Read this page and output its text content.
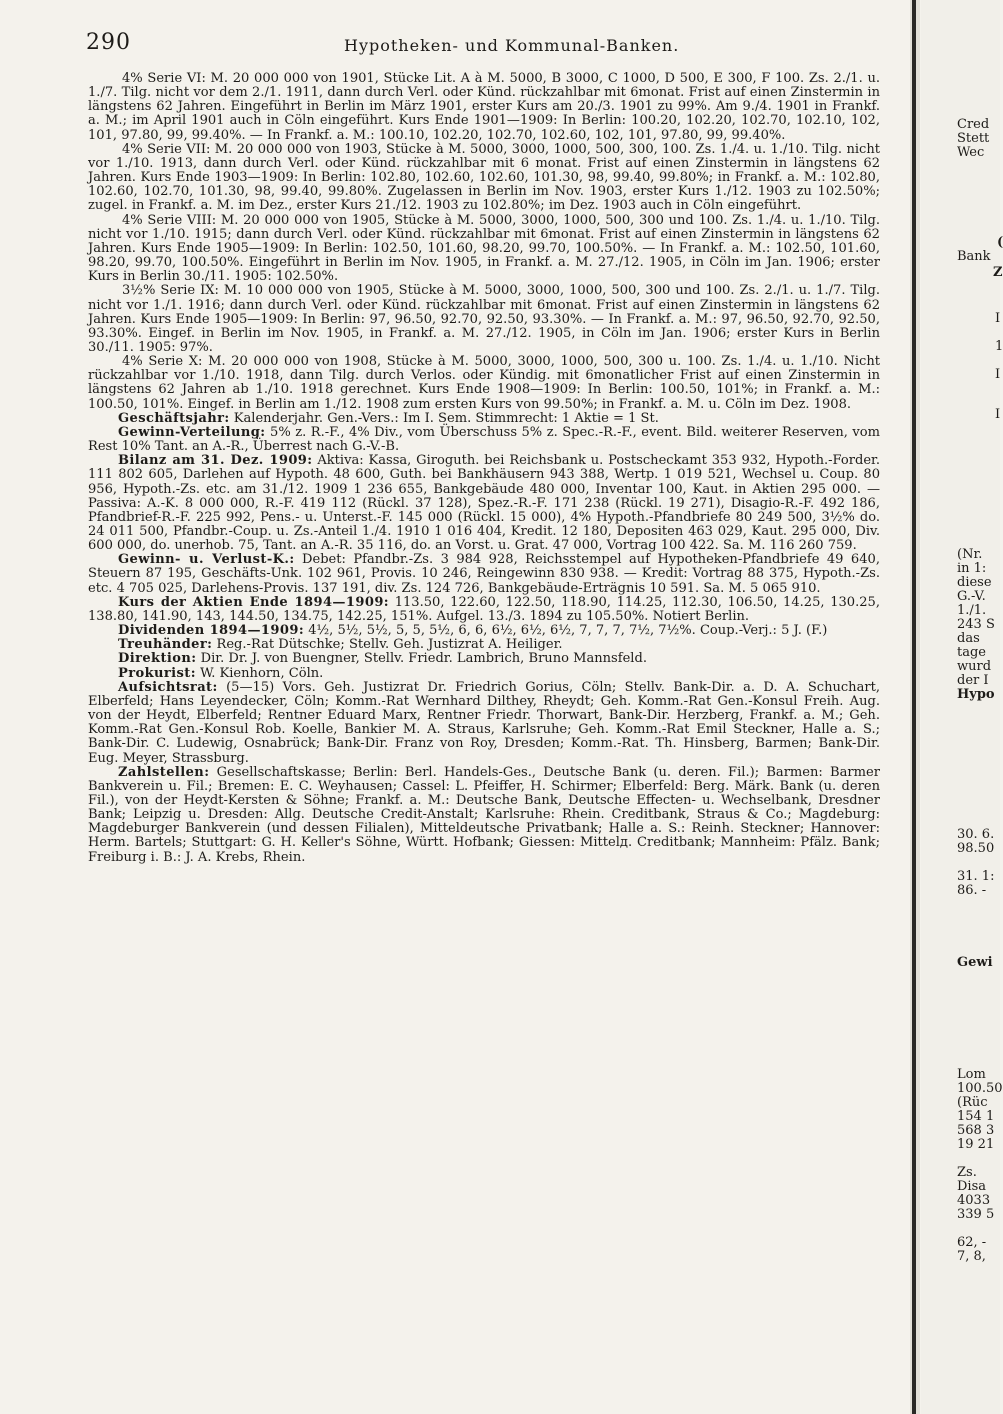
290	Hypotheken- und Kommunal-Banken.

4% Serie VI: M. 20 000 000 von 1901, Stücke Lit. A à M. 5000, B 3000, C 1000, D 500, E 300, F 100. Zs. 2./1. u. 1./7. Tilg. nicht vor dem 2./1. 1911, dann durch Verl. oder Künd. rückzahlbar mit 6monat. Frist auf einen Zinstermin in längstens 62 Jahren. Eingeführt in Berlin im März 1901, erster Kurs am 20./3. 1901 zu 99%. Am 9./4. 1901 in Frankf. a. M.; im April 1901 auch in Cöln eingeführt. Kurs Ende 1901—1909: In Berlin: 100.20, 102.20, 102.70, 102.10, 102, 101, 97.80, 99, 99.40%. — In Frankf. a. M.: 100.10, 102.20, 102.70, 102.60, 102, 101, 97.80, 99, 99.40%.

4% Serie VII: M. 20 000 000 von 1903, Stücke à M. 5000, 3000, 1000, 500, 300, 100. Zs. 1./4. u. 1./10. Tilg. nicht vor 1./10. 1913, dann durch Verl. oder Künd. rückzahlbar mit 6 monat. Frist auf einen Zinstermin in längstens 62 Jahren. Kurs Ende 1903—1909: In Berlin: 102.80, 102.60, 102.60, 101.30, 98, 99.40, 99.80%; in Frankf. a. M.: 102.80, 102.60, 102.70, 101.30, 98, 99.40, 99.80%. Zugelassen in Berlin im Nov. 1903, erster Kurs 1./12. 1903 zu 102.50%; zugel. in Frankf. a. M. im Dez., erster Kurs 21./12. 1903 zu 102.80%; im Dez. 1903 auch in Cöln eingeführt.

4% Serie VIII: M. 20 000 000 von 1905, Stücke à M. 5000, 3000, 1000, 500, 300 und 100. Zs. 1./4. u. 1./10. Tilg. nicht vor 1./10. 1915; dann durch Verl. oder Künd. rückzahlbar mit 6monat. Frist auf einen Zinstermin in längstens 62 Jahren. Kurs Ende 1905—1909: In Berlin: 102.50, 101.60, 98.20, 99.70, 100.50%. — In Frankf. a. M.: 102.50, 101.60, 98.20, 99.70, 100.50%. Eingeführt in Berlin im Nov. 1905, in Frankf. a. M. 27./12. 1905, in Cöln im Jan. 1906; erster Kurs in Berlin 30./11. 1905: 102.50%.

3½% Serie IX: M. 10 000 000 von 1905, Stücke à M. 5000, 3000, 1000, 500, 300 und 100. Zs. 2./1. u. 1./7. Tilg. nicht vor 1./1. 1916; dann durch Verl. oder Künd. rückzahlbar mit 6monat. Frist auf einen Zinstermin in längstens 62 Jahren. Kurs Ende 1905—1909: In Berlin: 97, 96.50, 92.70, 92.50, 93.30%. — In Frankf. a. M.: 97, 96.50, 92.70, 92.50, 93.30%. Eingef. in Berlin im Nov. 1905, in Frankf. a. M. 27./12. 1905, in Cöln im Jan. 1906; erster Kurs in Berlin 30./11. 1905: 97%.

4% Serie X: M. 20 000 000 von 1908, Stücke à M. 5000, 3000, 1000, 500, 300 u. 100. Zs. 1./4. u. 1./10. Nicht rückzahlbar vor 1./10. 1918, dann Tilg. durch Verlos. oder Kündig. mit 6monatlicher Frist auf einen Zinstermin in längstens 62 Jahren ab 1./10. 1918 gerechnet. Kurs Ende 1908—1909: In Berlin: 100.50, 101%; in Frankf. a. M.: 100.50, 101%. Eingef. in Berlin am 1./12. 1908 zum ersten Kurs von 99.50%; in Frankf. a. M. u. Cöln im Dez. 1908.

Geschäftsjahr: Kalenderjahr. Gen.-Vers.: Im I. Sem. Stimmrecht: 1 Aktie = 1 St.

Gewinn-Verteilung: 5% z. R.-F., 4% Div., vom Überschuss 5% z. Spec.-R.-F., event. Bild. weiterer Reserven, vom Rest 10% Tant. an A.-R., Überrest nach G.-V.-B.

Bilanz am 31. Dez. 1909: Aktiva: Kassa, Giroguth. bei Reichsbank u. Postscheckamt 353 932, Hypoth.-Forder. 111 802 605, Darlehen auf Hypoth. 48 600, Guth. bei Bankhäusern 943 388, Wertp. 1 019 521, Wechsel u. Coup. 80 956, Hypoth.-Zs. etc. am 31./12. 1909 1 236 655, Bankgebäude 480 000, Inventar 100, Kaut. in Aktien 295 000. — Passiva: A.-K. 8 000 000, R.-F. 419 112 (Rückl. 37 128), Spez.-R.-F. 171 238 (Rückl. 19 271), Disagio-R.-F. 492 186, Pfandbrief-R.-F. 225 992, Pens.- u. Unterst.-F. 145 000 (Rückl. 15 000), 4% Hypoth.-Pfandbriefe 80 249 500, 3½% do. 24 011 500, Pfandbr.-Coup. u. Zs.-Anteil 1./4. 1910 1 016 404, Kredit. 12 180, Depositen 463 029, Kaut. 295 000, Div. 600 000, do. unerhob. 75, Tant. an A.-R. 35 116, do. an Vorst. u. Grat. 47 000, Vortrag 100 422. Sa. M. 116 260 759.

Gewinn- u. Verlust-K.: Debet: Pfandbr.-Zs. 3 984 928, Reichsstempel auf Hypotheken-Pfandbriefe 49 640, Steuern 87 195, Geschäfts-Unk. 102 961, Provis. 10 246, Reingewinn 830 938. — Kredit: Vortrag 88 375, Hypoth.-Zs. etc. 4 705 025, Darlehens-Provis. 137 191, div. Zs. 124 726, Bankgebäude-Erträgnis 10 591. Sa. M. 5 065 910.

Kurs der Aktien Ende 1894—1909: 113.50, 122.60, 122.50, 118.90, 114.25, 112.30, 106.50, 14.25, 130.25, 138.80, 141.90, 143, 144.50, 134.75, 142.25, 151%. Aufgel. 13./3. 1894 zu 105.50%. Notiert Berlin.

Dividenden 1894—1909: 4½, 5½, 5½, 5, 5, 5½, 6, 6, 6½, 6½, 6½, 7, 7, 7, 7½, 7½%. Coup.-Verj.: 5 J. (F.)

Treuhänder: Reg.-Rat Dütschke; Stellv. Geh. Justizrat A. Heiliger.

Direktion: Dir. Dr. J. von Buengner, Stellv. Friedr. Lambrich, Bruno Mannsfeld.

Prokurist: W. Kienhorn, Cöln.

Aufsichtsrat: (5—15) Vors. Geh. Justizrat Dr. Friedrich Gorius, Cöln; Stellv. Bank-Dir. a. D. A. Schuchart, Elberfeld; Hans Leyendecker, Cöln; Komm.-Rat Wernhard Dilthey, Rheydt; Geh. Komm.-Rat Gen.-Konsul Freih. Aug. von der Heydt, Elberfeld; Rentner Eduard Marx, Rentner Friedr. Thorwart, Bank-Dir. Herzberg, Frankf. a. M.; Geh. Komm.-Rat Gen.-Konsul Rob. Koelle, Bankier M. A. Straus, Karlsruhe; Geh. Komm.-Rat Emil Steckner, Halle a. S.; Bank-Dir. C. Ludewig, Osnabrück; Bank-Dir. Franz von Roy, Dresden; Komm.-Rat. Th. Hinsberg, Barmen; Bank-Dir. Eug. Meyer, Strassburg.

Zahlstellen: Gesellschaftskasse; Berlin: Berl. Handels-Ges., Deutsche Bank (u. deren. Fil.); Barmen: Barmer Bankverein u. Fil.; Bremen: E. C. Weyhausen; Cassel: L. Pfeiffer, H. Schirmer; Elberfeld: Berg. Märk. Bank (u. deren Fil.), von der Heydt-Kersten & Söhne; Frankf. a. M.: Deutsche Bank, Deutsche Effecten- u. Wechselbank, Dresdner Bank; Leipzig u. Dresden: Allg. Deutsche Credit-Anstalt; Karlsruhe: Rhein. Creditbank, Straus & Co.; Magdeburg: Magdeburger Bankverein (und dessen Filialen), Mitteldeutsche Privatbank; Halle a. S.: Reinh. Steckner; Hannover: Herm. Bartels; Stuttgart: G. H. Keller's Söhne, Württ. Hofbank; Giessen: Mittelд. Creditbank; Mannheim: Pfälz. Bank; Freiburg i. B.: J. A. Krebs, Rhein.

Cred
Stett
Wec
(
Bank
Z
I
1
I
I
(Nr.
in 1:
diese
G.-V.
1./1.
243 S
das
tage
wurd
der I
Hypo
30. 6.
98.50
31. 1:
86. -
Gewi
Lom
100.50
(Rüc
154 1
568 3
19 21
Zs.
Disa
4033
339 5
62, -
7, 8,
